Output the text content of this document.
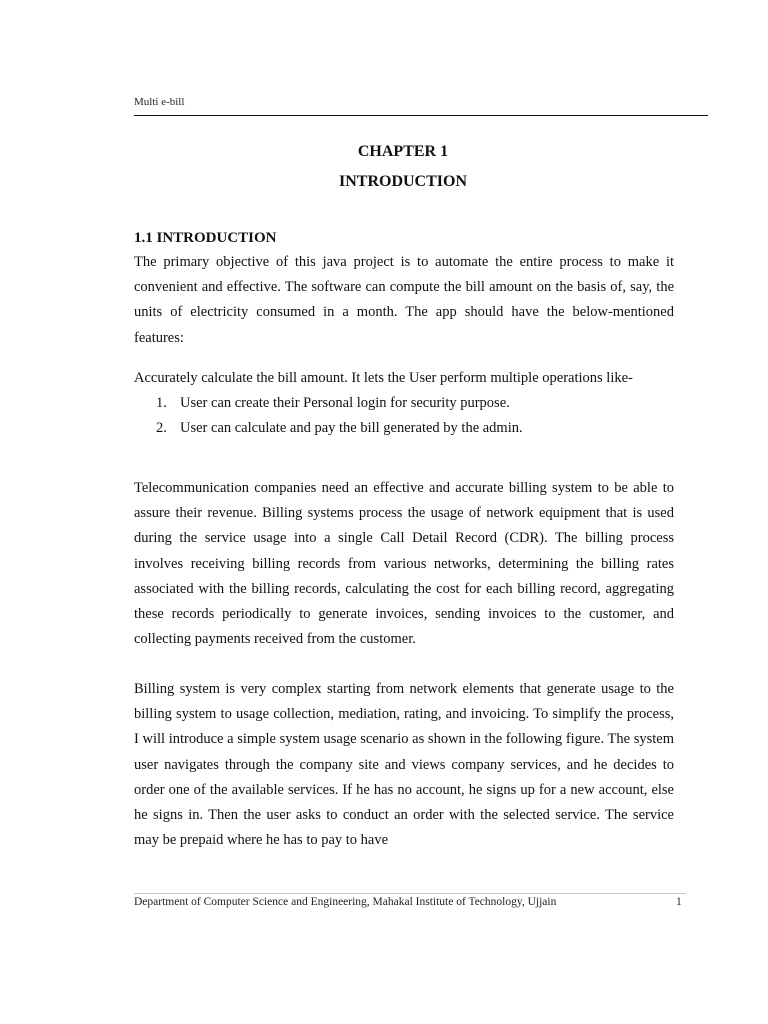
Multi e-bill
CHAPTER 1
INTRODUCTION
1.1 INTRODUCTION

The primary objective of this java project is to automate the entire process to make it convenient and effective. The software can compute the bill amount on the basis of, say, the units of electricity consumed in a month. The app should have the below-mentioned features:

Accurately calculate the bill amount. It lets the User perform multiple operations like-

1. User can create their Personal login for security purpose.
2. User can calculate and pay the bill generated by the admin.

Telecommunication companies need an effective and accurate billing system to be able to assure their revenue. Billing systems process the usage of network equipment that is used during the service usage into a single Call Detail Record (CDR). The billing process involves receiving billing records from various networks, determining the billing rates associated with the billing records, calculating the cost for each billing record, aggregating these records periodically to generate invoices, sending invoices to the customer, and collecting payments received from the customer.

Billing system is very complex starting from network elements that generate usage to the billing system to usage collection, mediation, rating, and invoicing. To simplify the process, I will introduce a simple system usage scenario as shown in the following figure. The system user navigates through the company site and views company services, and he decides to order one of the available services. If he has no account, he signs up for a new account, else he signs in. Then the user asks to conduct an order with the selected service. The service may be prepaid where he has to pay to have

Department of Computer Science and Engineering, Mahakal Institute of Technology, Ujjain	1
